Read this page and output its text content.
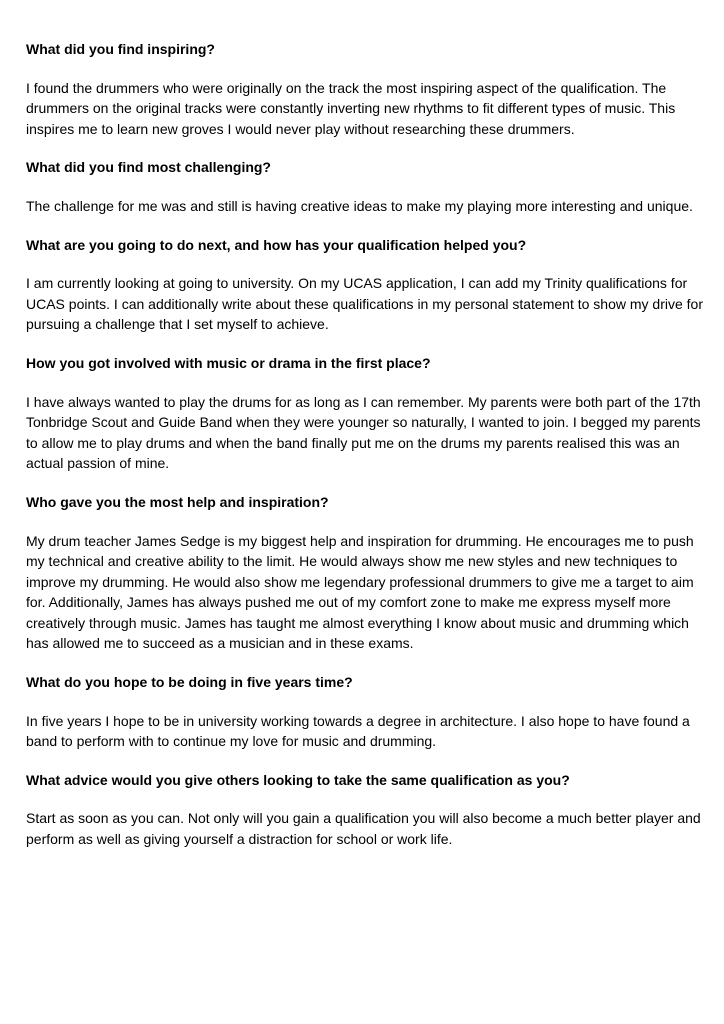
What did you find inspiring?

I found the drummers who were originally on the track the most inspiring aspect of the qualification. The drummers on the original tracks were constantly inverting new rhythms to fit different types of music. This inspires me to learn new groves I would never play without researching these drummers.

What did you find most challenging?

The challenge for me was and still is having creative ideas to make my playing more interesting and unique.

What are you going to do next, and how has your qualification helped you?

I am currently looking at going to university. On my UCAS application, I can add my Trinity qualifications for UCAS points. I can additionally write about these qualifications in my personal statement to show my drive for pursuing a challenge that I set myself to achieve.

How you got involved with music or drama in the first place?

I have always wanted to play the drums for as long as I can remember. My parents were both part of the 17th Tonbridge Scout and Guide Band when they were younger so naturally, I wanted to join. I begged my parents to allow me to play drums and when the band finally put me on the drums my parents realised this was an actual passion of mine.

Who gave you the most help and inspiration?

My drum teacher James Sedge is my biggest help and inspiration for drumming. He encourages me to push my technical and creative ability to the limit. He would always show me new styles and new techniques to improve my drumming. He would also show me legendary professional drummers to give me a target to aim for. Additionally, James has always pushed me out of my comfort zone to make me express myself more creatively through music. James has taught me almost everything I know about music and drumming which has allowed me to succeed as a musician and in these exams.

What do you hope to be doing in five years time?

In five years I hope to be in university working towards a degree in architecture. I also hope to have found a band to perform with to continue my love for music and drumming.

What advice would you give others looking to take the same qualification as you?

Start as soon as you can. Not only will you gain a qualification you will also become a much better player and perform as well as giving yourself a distraction for school or work life.
